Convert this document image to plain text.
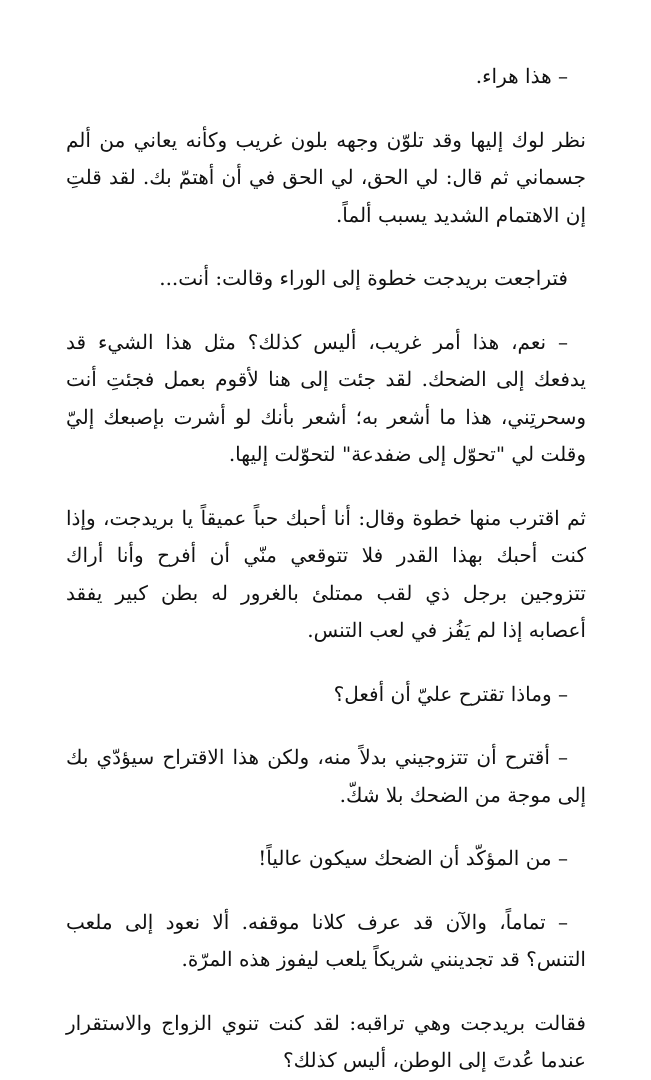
– هذا هراء.

نظر لوك إليها وقد تلوّن وجهه بلون غريب وكأنه يعاني من ألم جسماني ثم قال: لي الحق، لي الحق في أن أهتمّ بك. لقد قلتِ إن الاهتمام الشديد يسبب ألماً.

فتراجعت بريدجت خطوة إلى الوراء وقالت: أنت...

– نعم، هذا أمر غريب، أليس كذلك؟ مثل هذا الشيء قد يدفعك إلى الضحك. لقد جئت إلى هنا لأقوم بعمل فجئتِ أنت وسحرتِني، هذا ما أشعر به؛ أشعر بأنك لو أشرت بإصبعك إليّ وقلت لي "تحوّل إلى ضفدعة" لتحوّلت إليها.

ثم اقترب منها خطوة وقال: أنا أحبك حباً عميقاً يا بريدجت، وإذا كنت أحبك بهذا القدر فلا تتوقعي منّي أن أفرح وأنا أراك تتزوجين برجل ذي لقب ممتلئ بالغرور له بطن كبير يفقد أعصابه إذا لم يَفُز في لعب التنس.

– وماذا تقترح عليّ أن أفعل؟

– أقترح أن تتزوجيني بدلاً منه، ولكن هذا الاقتراح سيؤدّي بك إلى موجة من الضحك بلا شكّ.

– من المؤكّد أن الضحك سيكون عالياً!

– تماماً، والآن قد عرف كلانا موقفه. ألا نعود إلى ملعب التنس؟ قد تجدينني شريكاً يلعب ليفوز هذه المرّة.

فقالت بريدجت وهي تراقبه: لقد كنت تنوي الزواج والاستقرار عندما عُدتَ إلى الوطن، أليس كذلك؟
